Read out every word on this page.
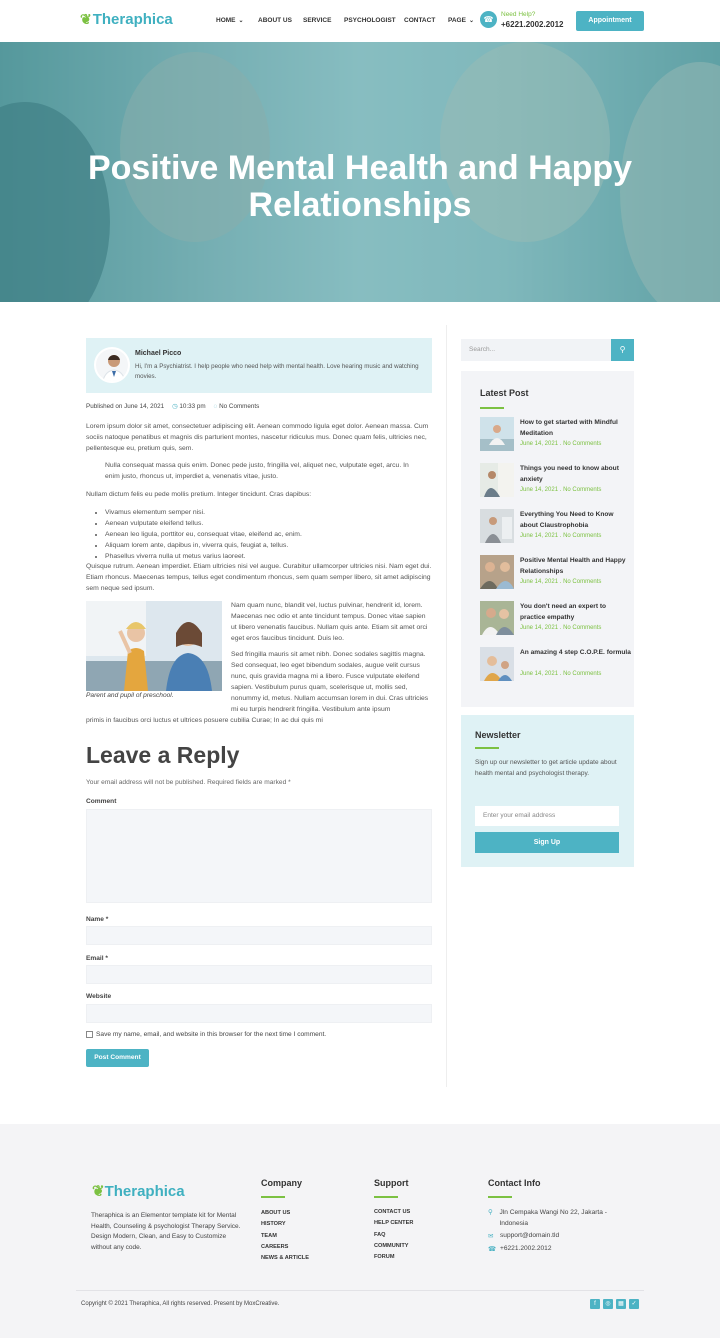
❦ Theraphica	HOME ⌄ ABOUT US SERVICE PSYCHOLOGIST CONTACT PAGE ⌄	☎
Need Help?
+6221.2002.2012	Appointment
Positive Mental Health and Happy Relationships
Michael Picco
Hi, I'm a Psychiatrist. I help people who need help with mental health. Love hearing music and watching movies.
Published on June 14, 2021 ◷ 10:33 pm ◌ No Comments
Lorem ipsum dolor sit amet, consectetuer adipiscing elit. Aenean commodo ligula eget dolor. Aenean massa. Cum sociis natoque penatibus et magnis dis parturient montes, nascetur ridiculus mus. Donec quam felis, ultricies nec, pellentesque eu, pretium quis, sem.
Nulla consequat massa quis enim. Donec pede justo, fringilla vel, aliquet nec, vulputate eget, arcu. In enim justo, rhoncus ut, imperdiet a, venenatis vitae, justo.
Nullam dictum felis eu pede mollis pretium. Integer tincidunt. Cras dapibus:
• Vivamus elementum semper nisi.
• Aenean vulputate eleifend tellus.
• Aenean leo ligula, porttitor eu, consequat vitae, eleifend ac, enim.
• Aliquam lorem ante, dapibus in, viverra quis, feugiat a, tellus.
• Phasellus viverra nulla ut metus varius laoreet.
Quisque rutrum. Aenean imperdiet. Etiam ultricies nisi vel augue. Curabitur ullamcorper ultricies nisi. Nam eget dui. Etiam rhoncus. Maecenas tempus, tellus eget condimentum rhoncus, sem quam semper libero, sit amet adipiscing sem neque sed ipsum.
Parent and pupil of preschool.
Nam quam nunc, blandit vel, luctus pulvinar, hendrerit id, lorem. Maecenas nec odio et ante tincidunt tempus. Donec vitae sapien ut libero venenatis faucibus. Nullam quis ante. Etiam sit amet orci eget eros faucibus tincidunt. Duis leo.
Sed fringilla mauris sit amet nibh. Donec sodales sagittis magna. Sed consequat, leo eget bibendum sodales, augue velit cursus nunc, quis gravida magna mi a libero. Fusce vulputate eleifend sapien. Vestibulum purus quam, scelerisque ut, mollis sed, nonummy id, metus. Nullam accumsan lorem in dui. Cras ultricies mi eu turpis hendrerit fringilla. Vestibulum ante ipsum
primis in faucibus orci luctus et ultrices posuere cubilia Curae; In ac dui quis mi
Leave a Reply
Your email address will not be published. Required fields are marked *
Comment
Name *
Email *
Website
Save my name, email, and website in this browser for the next time I comment.
Post Comment
Search...	⚲
Latest Post
How to get started with Mindful Meditation
June 14, 2021 . No Comments
Things you need to know about anxiety
June 14, 2021 . No Comments
Everything You Need to Know about Claustrophobia
June 14, 2021 . No Comments
Positive Mental Health and Happy Relationships
June 14, 2021 . No Comments
You don't need an expert to practice empathy
June 14, 2021 . No Comments
An amazing 4 step C.O.P.E. formula
June 14, 2021 . No Comments
Newsletter
Sign up our newsletter to get article update about health mental and psychologist therapy.
Enter your email address
Sign Up
❦Theraphica
Theraphica is an Elementor template kit for Mental Health, Counseling & psychologist Therapy Service. Design Modern, Clean, and Easy to Customize without any code.
Company
ABOUT US
HISTORY
TEAM
CAREERS
NEWS & ARTICLE
Support
CONTACT US
HELP CENTER
FAQ
COMMUNITY
FORUM
Contact Info
⚲	Jln Cempaka Wangi No 22, Jakarta - Indonesia
✉ support@domain.tld
☎ +6221.2002.2012
Copyright © 2021 Theraphica, All rights reserved. Present by MoxCreative.	f	◎	▦	✓
